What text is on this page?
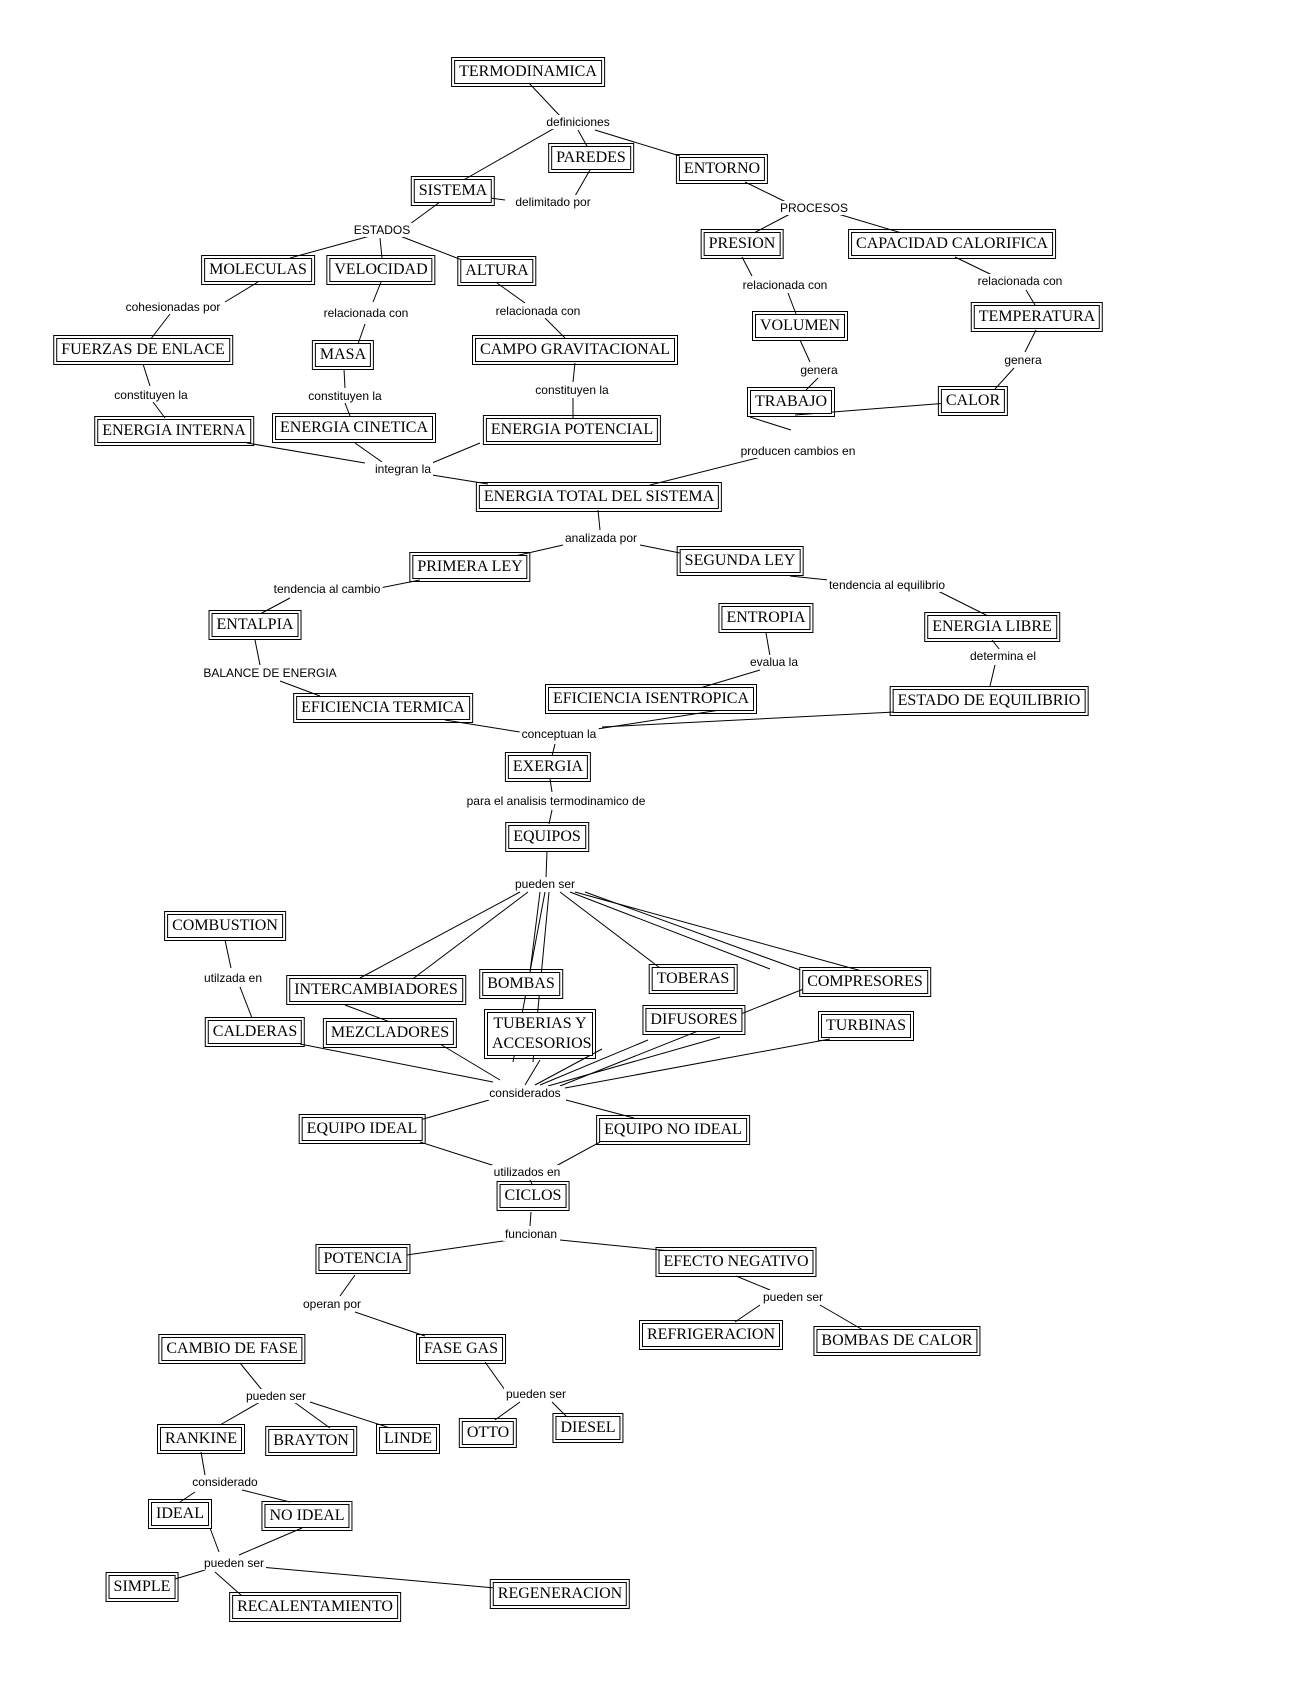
TERMODINAMICA
PAREDES
SISTEMA
ENTORNO
MOLECULAS	VELOCIDAD	ALTURA
PRESION	CAPACIDAD CALORIFICA
FUERZAS DE ENLACE	MASA	CAMPO GRAVITACIONAL
VOLUMEN
TEMPERATURA
TRABAJO	CALOR
ENERGIA INTERNA	ENERGIA CINETICA	ENERGIA POTENCIAL
ENERGIA TOTAL DEL SISTEMA
PRIMERA LEY	SEGUNDA LEY
ENTALPIA	ENTROPIA
ENERGIA LIBRE
EFICIENCIA TERMICA
EFICIENCIA ISENTROPICA	ESTADO DE EQUILIBRIO
EXERGIA
EQUIPOS
COMBUSTION
INTERCAMBIADORES	BOMBAS	TOBERAS	COMPRESORES
CALDERAS	MEZCLADORES
TUBERIAS Y ACCESORIOS
DIFUSORES	TURBINAS
EQUIPO IDEAL	EQUIPO NO IDEAL
CICLOS
POTENCIA	EFECTO NEGATIVO
CAMBIO DE FASE	FASE GAS
REFRIGERACION	BOMBAS DE CALOR
RANKINE	BRAYTON	LINDE	OTTO	DIESEL
IDEAL	NO IDEAL
SIMPLE
RECALENTAMIENTO
REGENERACION
definiciones
delimitado por
ESTADOS
PROCESOS
cohesionadas por	relacionada con	relacionada con
relacionada con	relacionada con
constituyen la	constituyen la	constituyen la
genera
genera
integran la
producen cambios en
analizada por
tendencia al cambio	tendencia al equilibrio
BALANCE DE ENERGIA
evalua la	determina el
conceptuan la
para el analisis termodinamico de
pueden ser
utilzada en
considerados
utilizados en
funcionan
operan por	pueden ser
pueden ser	pueden ser
considerado
pueden ser
